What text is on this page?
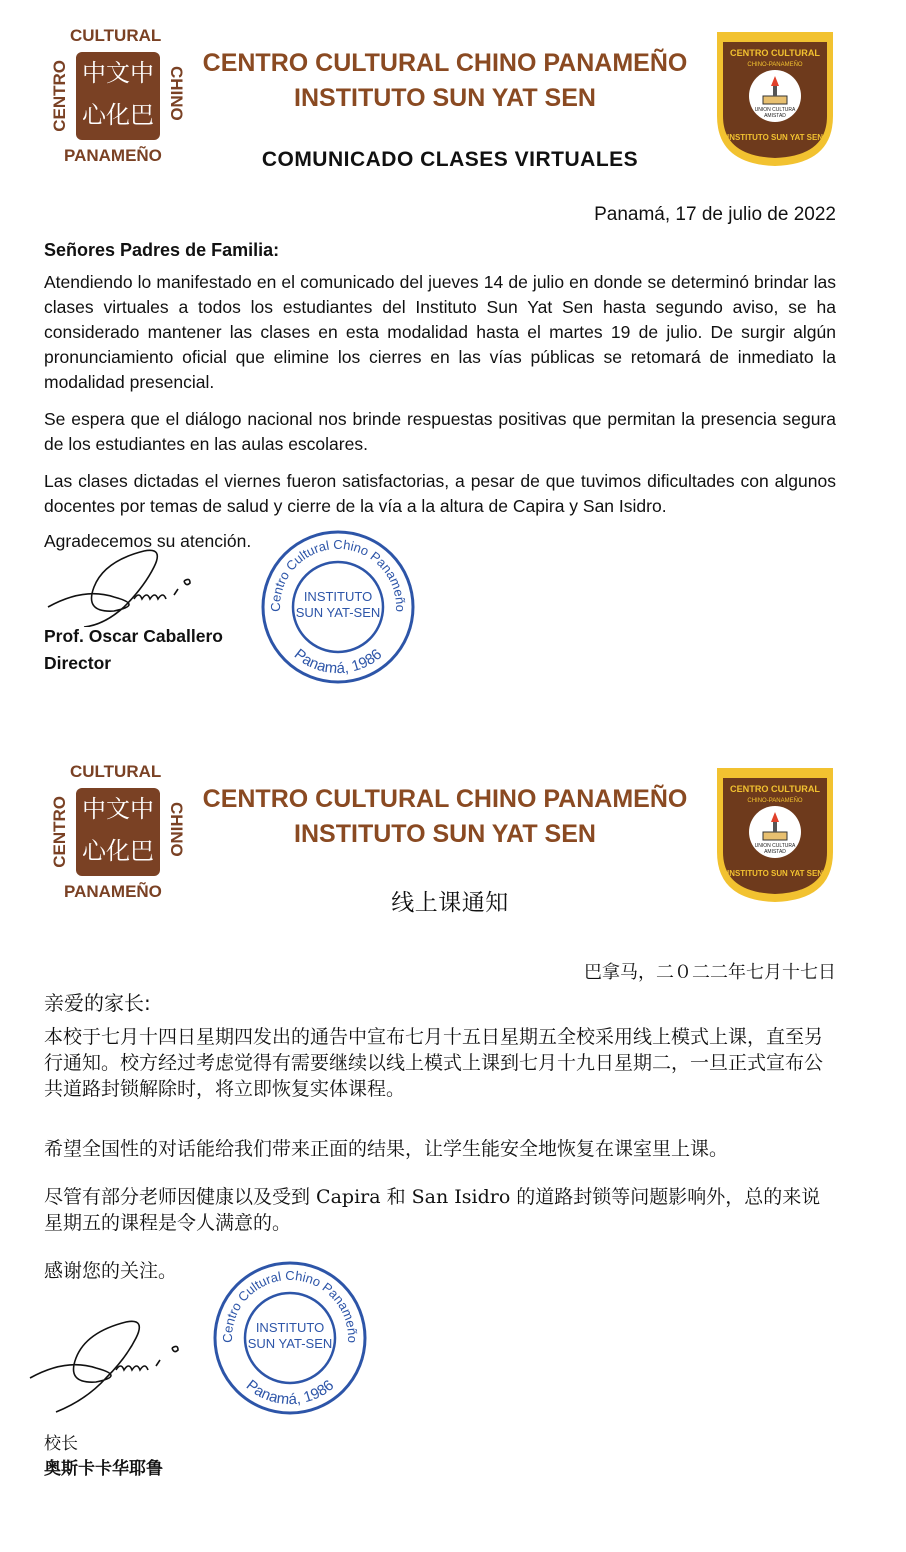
CULTURAL
CENTRO	CHINO
PANAMEÑO
中文中
心化巴
CENTRO CULTURAL CHINO PANAMEÑO
INSTITUTO SUN YAT SEN	UNION CULTURA
AMISTAD
CENTRO CULTURAL
CHINO-PANAMEÑO
INSTITUTO SUN YAT SEN
COMUNICADO CLASES VIRTUALES
Panamá, 17 de julio de 2022

Señores Padres de Familia:

Atendiendo lo manifestado en el comunicado del jueves 14 de julio en donde se determinó brindar las clases virtuales a todos los estudiantes del Instituto Sun Yat Sen hasta segundo aviso, se ha considerado mantener las clases en esta modalidad hasta el martes 19 de julio. De surgir algún pronunciamiento oficial que elimine los cierres en las vías públicas se retomará de inmediato la modalidad presencial.

Se espera que el diálogo nacional nos brinde respuestas positivas que permitan la presencia segura de los estudiantes en las aulas escolares.

Las clases dictadas el viernes fueron satisfactorias, a pesar de que tuvimos dificultades con algunos docentes por temas de salud y cierre de la vía a la altura de Capira y San Isidro.

Agradecemos su atención.
Prof. Oscar Caballero
Director
Centro Cultural Chino Panameño
Panamá, 1986
INSTITUTO
SUN YAT-SEN
CULTURAL
CENTRO	CHINO
PANAMEÑO
中文中
心化巴
CENTRO CULTURAL CHINO PANAMEÑO
INSTITUTO SUN YAT SEN	UNION CULTURA
AMISTAD
CENTRO CULTURAL
CHINO-PANAMEÑO
INSTITUTO SUN YAT SEN
线上课通知
巴拿马，二０二二年七月十七日

亲爱的家长:

本校于七月十四日星期四发出的通告中宣布七月十五日星期五全校采用线上模式上课，直至另行通知。校方经过考虑觉得有需要继续以线上模式上课到七月十九日星期二，一旦正式宣布公共道路封锁解除时，将立即恢复实体课程。

希望全国性的对话能给我们带来正面的结果，让学生能安全地恢复在课室里上课。

尽管有部分老师因健康以及受到 Capira 和 San Isidro 的道路封锁等问题影响外，总的来说星期五的课程是令人满意的。

感谢您的关注。
校长
奥斯卡卡华耶鲁
Centro Cultural Chino Panameño
Panamá, 1986
INSTITUTO
SUN YAT-SEN
